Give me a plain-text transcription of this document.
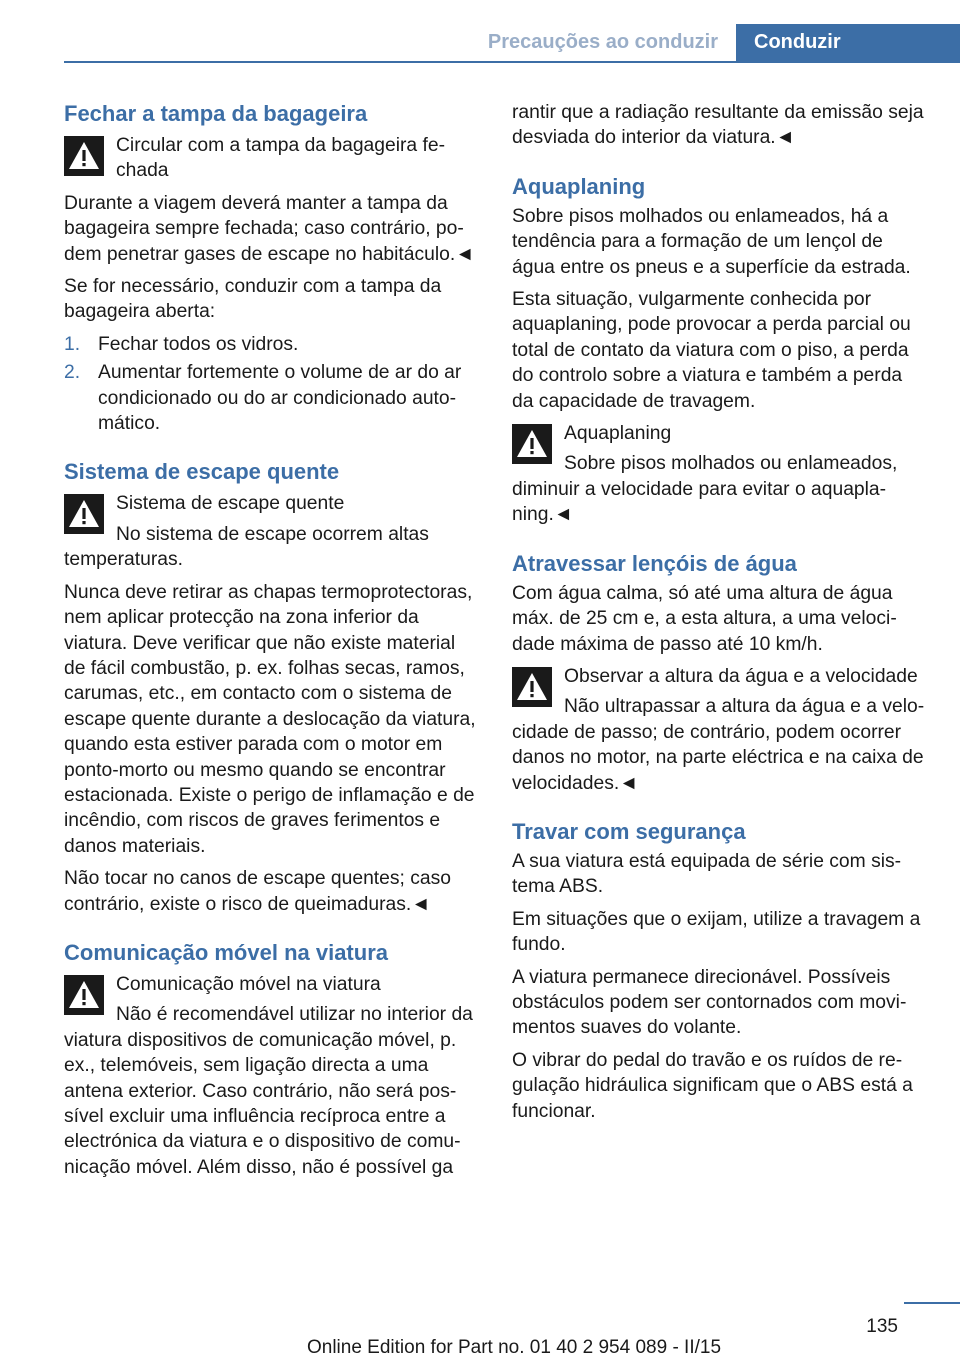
Precauções ao conduzir	Conduzir
Fechar a tampa da bagageira
Circular com a tampa da bagageira fechada

Durante a viagem deverá manter a tampa da bagageira sempre fechada; caso contrário, podem penetrar gases de escape no habitáculo.◄

Se for necessário, conduzir com a tampa da bagageira aberta:

1. Fechar todos os vidros.
2. Aumentar fortemente o volume de ar do ar condicionado ou do ar condicionado automático.
Sistema de escape quente
Sistema de escape quente
No sistema de escape ocorrem altas temperaturas.

Nunca deve retirar as chapas termoprotectoras, nem aplicar protecção na zona inferior da viatura. Deve verificar que não existe material de fácil combustão, p. ex. folhas secas, ramos, carumas, etc., em contacto com o sistema de escape quente durante a deslocação da viatura, quando esta estiver parada com o motor em ponto-morto ou mesmo quando se encontrar estacionada. Existe o perigo de inflamação e de incêndio, com riscos de graves ferimentos e danos materiais.

Não tocar no canos de escape quentes; caso contrário, existe o risco de queimaduras.◄

Comunicação móvel na viatura
Comunicação móvel na viatura
Não é recomendável utilizar no interior da viatura dispositivos de comunicação móvel, p. ex., telemóveis, sem ligação directa a uma antena exterior. Caso contrário, não será possível excluir uma influência recíproca entre a electrónica da viatura e o dispositivo de comunicação móvel. Além disso, não é possível ga

rantir que a radiação resultante da emissão seja desviada do interior da viatura.◄

Aquaplaning

Sobre pisos molhados ou enlameados, há a tendência para a formação de um lençol de água entre os pneus e a superfície da estrada.

Esta situação, vulgarmente conhecida por aquaplaning, pode provocar a perda parcial ou total de contato da viatura com o piso, a perda do controlo sobre a viatura e também a perda da capacidade de travagem.

Aquaplaning
Sobre pisos molhados ou enlameados, diminuir a velocidade para evitar o aquaplaning.◄
Atravessar lençóis de água

Com água calma, só até uma altura de água máx. de 25 cm e, a esta altura, a uma velocidade máxima de passo até 10 km/h.

Observar a altura da água e a velocidade
Não ultrapassar a altura da água e a velocidade de passo; de contrário, podem ocorrer danos no motor, na parte eléctrica e na caixa de velocidades.◄
Travar com segurança

A sua viatura está equipada de série com sistema ABS.

Em situações que o exijam, utilize a travagem a fundo.

A viatura permanece direcionável. Possíveis obstáculos podem ser contornados com movimentos suaves do volante.

O vibrar do pedal do travão e os ruídos de regulação hidráulica significam que o ABS está a funcionar.

135
Online Edition for Part no. 01 40 2 954 089 - II/15
